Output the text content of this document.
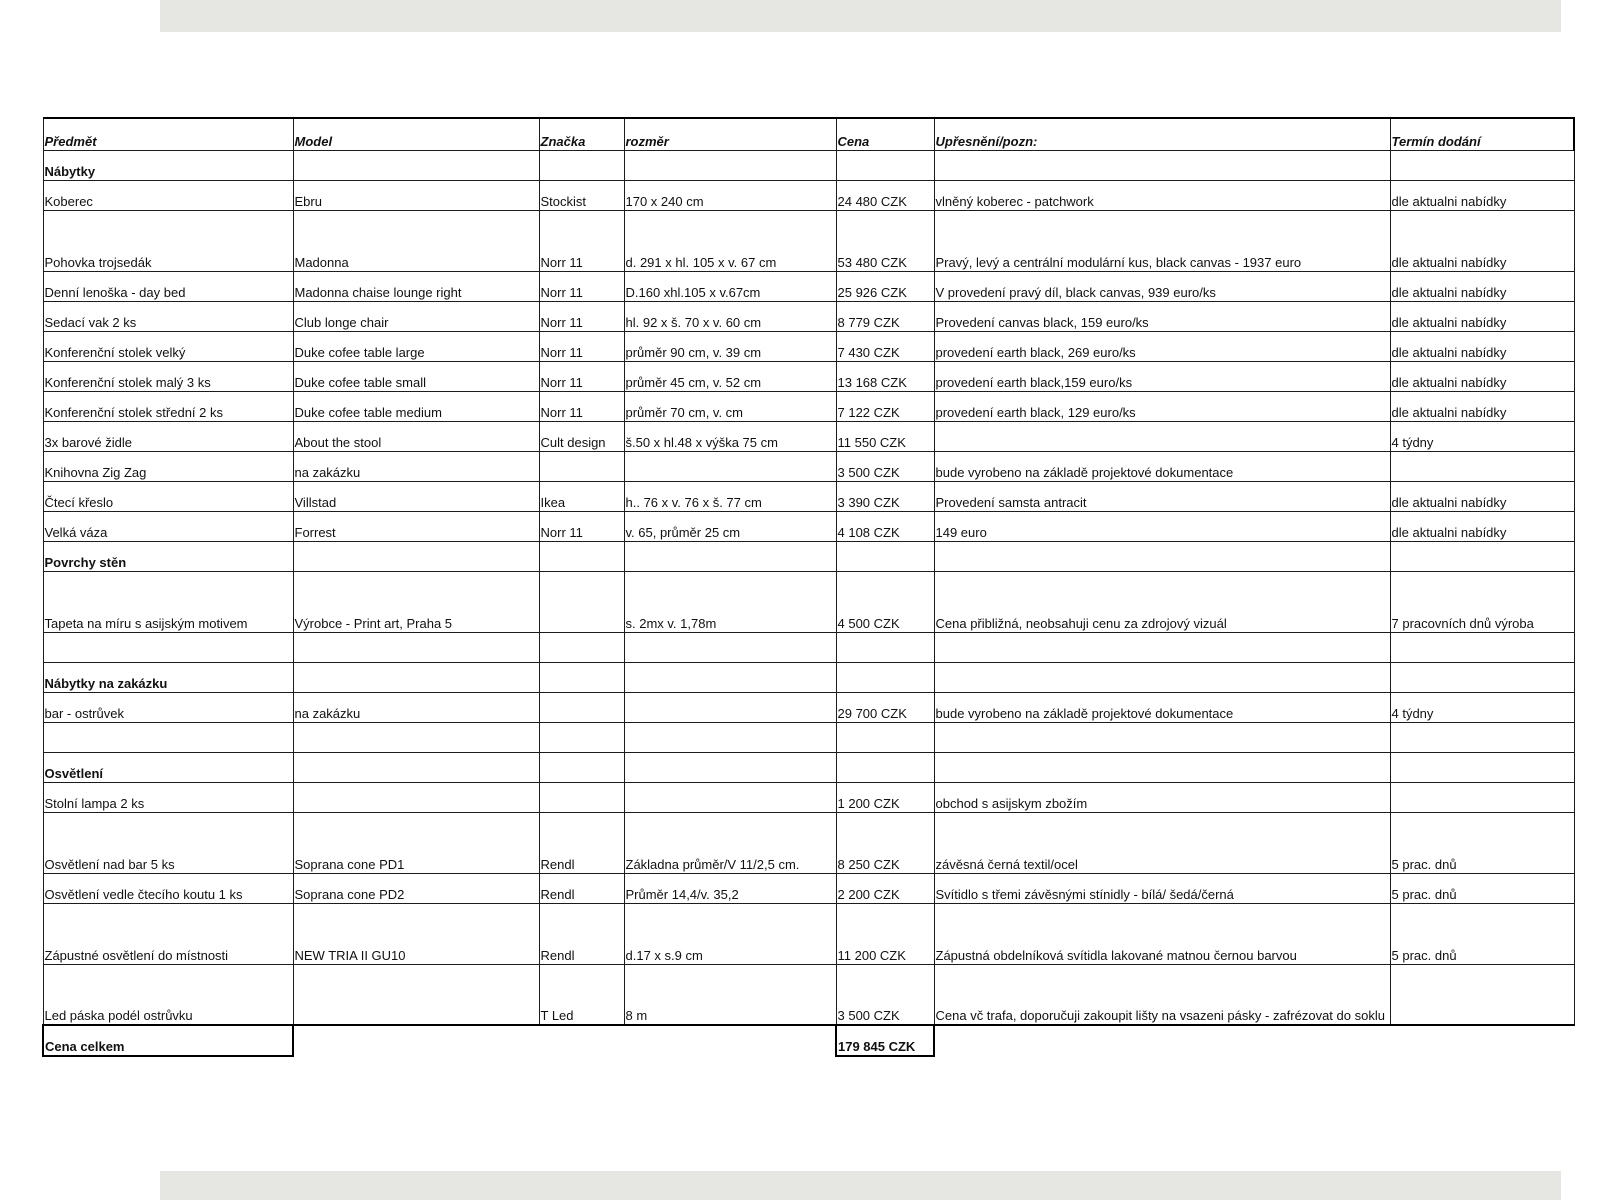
Předmět	Model	Značka	rozměr	Cena	Upřesnění/pozn:	Termín dodání
Nábytky						
Koberec	Ebru	Stockist	170 x 240 cm	24 480 CZK	vlněný koberec - patchwork	dle aktualni nabídky
Pohovka trojsedák	Madonna	Norr 11	d. 291 x hl. 105 x v. 67 cm	53 480 CZK	Pravý, levý a centrální modulární kus, black canvas - 1937 euro	dle aktualni nabídky
Denní lenoška - day bed	Madonna chaise lounge right	Norr 11	D.160 xhl.105 x v.67cm	25 926 CZK	V provedení pravý díl, black canvas, 939 euro/ks	dle aktualni nabídky
Sedací vak 2 ks	Club longe chair	Norr 11	hl. 92 x š. 70 x v. 60 cm	8 779 CZK	Provedení canvas black, 159 euro/ks	dle aktualni nabídky
Konferenční stolek velký	Duke cofee table large	Norr 11	průměr 90 cm, v. 39 cm	7 430 CZK	provedení earth black, 269 euro/ks	dle aktualni nabídky
Konferenční stolek malý 3 ks	Duke cofee table small	Norr 11	průměr 45 cm, v. 52 cm	13 168 CZK	provedení earth black,159 euro/ks	dle aktualni nabídky
Konferenční stolek střední 2 ks	Duke cofee table medium	Norr 11	průměr 70 cm, v. cm	7 122 CZK	provedení earth black, 129 euro/ks	dle aktualni nabídky
3x barové židle	About the stool	Cult design	š.50 x hl.48 x výška 75 cm	11 550 CZK		4 týdny
Knihovna Zig Zag	na zakázku			3 500 CZK	bude vyrobeno na základě projektové dokumentace	
Čtecí křeslo	Villstad	Ikea	h.. 76 x v. 76 x š. 77 cm	3 390 CZK	Provedení samsta antracit	dle aktualni nabídky
Velká váza	Forrest	Norr 11	v. 65, průměr 25 cm	4 108 CZK	149 euro	dle aktualni nabídky
Povrchy stěn						
Tapeta na míru s asijským motivem	Výrobce - Print art, Praha 5		s. 2mx v. 1,78m	4 500 CZK	Cena přibližná, neobsahuji cenu za zdrojový vizuál	7 pracovních dnů výroba

Nábytky na zakázku						
bar - ostrůvek	na zakázku			29 700 CZK	bude vyrobeno na základě projektové dokumentace	4 týdny

Osvětlení						
Stolní lampa 2 ks				1 200 CZK	obchod s asijskym zbožím	
Osvětlení nad bar 5 ks	Soprana cone PD1	Rendl	Základna průměr/V 11/2,5 cm.	8 250 CZK	závěsná černá textil/ocel	5 prac. dnů
Osvětlení vedle čtecího koutu 1 ks	Soprana cone PD2	Rendl	Průměr 14,4/v. 35,2	2 200 CZK	Svítidlo s třemi závěsnými stínidly - bílá/ šedá/černá	5 prac. dnů
Zápustné osvětlení do místnosti	NEW TRIA II GU10	Rendl	d.17 x s.9 cm	11 200 CZK	Zápustná obdelníková svítidla lakované matnou černou barvou	5 prac. dnů
Led páska podél ostrůvku		T Led	8 m	3 500 CZK	Cena vč trafa, doporučuji zakoupit lišty na vsazeni pásky - zafrézovat do soklu	
Cena celkem				179 845 CZK		
